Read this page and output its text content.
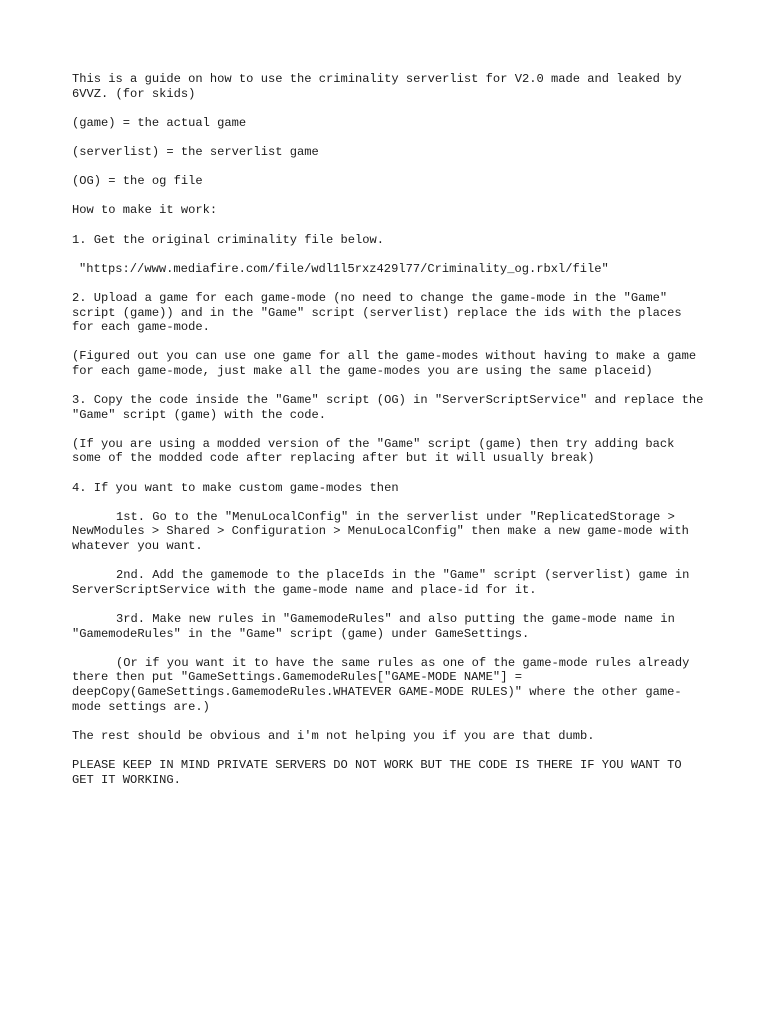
This is a guide on how to use the criminality serverlist for V2.0 made and leaked by 6VVZ. (for skids)

(game) = the actual game

(serverlist) = the serverlist game

(OG) = the og file

How to make it work:

1. Get the original criminality file below.

"https://www.mediafire.com/file/wdl1l5rxz429l77/Criminality_og.rbxl/file"

2. Upload a game for each game-mode (no need to change the game-mode in the "Game" script (game)) and in the "Game" script (serverlist) replace the ids with the places for each game-mode.

(Figured out you can use one game for all the game-modes without having to make a game for each game-mode, just make all the game-modes you are using the same placeid)

3. Copy the code inside the "Game" script (OG) in "ServerScriptService" and replace the "Game" script (game) with the code.

(If you are using a modded version of the "Game" script (game) then try adding back some of the modded code after replacing after but it will usually break)

4. If you want to make custom game-modes then

1st. Go to the "MenuLocalConfig" in the serverlist under "ReplicatedStorage > NewModules > Shared > Configuration > MenuLocalConfig" then make a new game-mode with whatever you want.

2nd. Add the gamemode to the placeIds in the "Game" script (serverlist) game in ServerScriptService with the game-mode name and place-id for it.

3rd. Make new rules in "GamemodeRules" and also putting the game-mode name in "GamemodeRules" in the "Game" script (game) under GameSettings.

(Or if you want it to have the same rules as one of the game-mode rules already there then put "GameSettings.GamemodeRules["GAME-MODE NAME"] = deepCopy(GameSettings.GamemodeRules.WHATEVER GAME-MODE RULES)" where the other game-mode settings are.)

The rest should be obvious and i'm not helping you if you are that dumb.

PLEASE KEEP IN MIND PRIVATE SERVERS DO NOT WORK BUT THE CODE IS THERE IF YOU WANT TO GET IT WORKING.
